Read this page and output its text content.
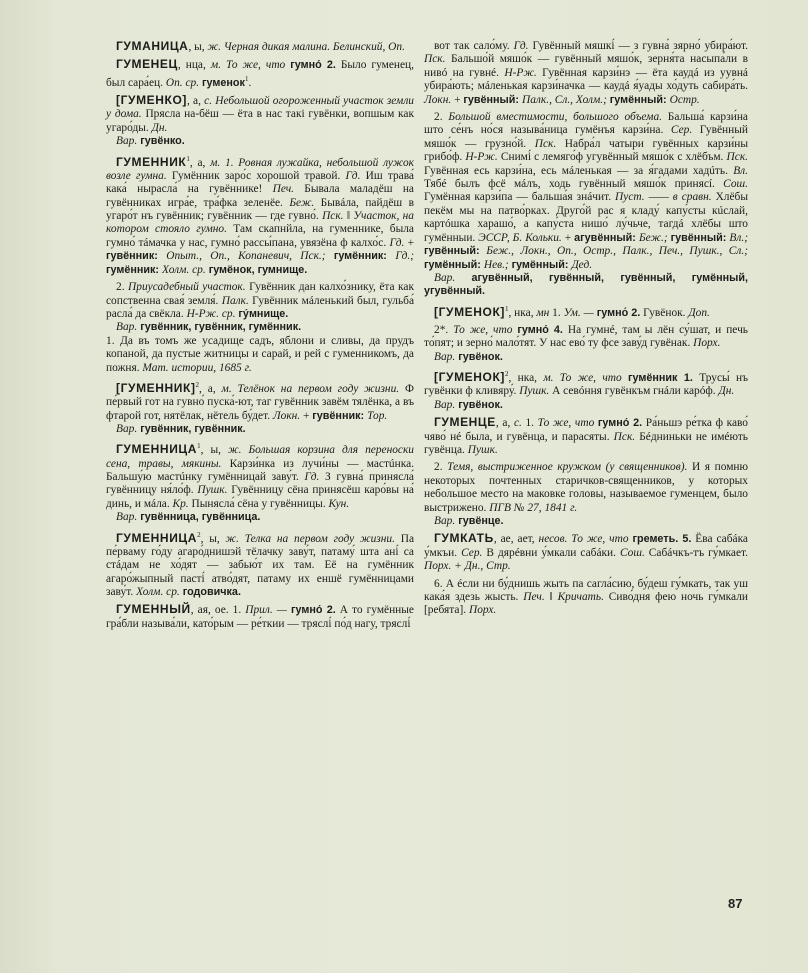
ГУМАНИЦА, ы, ж. Черная дикая малина. Белинский, Оп.

ГУМЕНЕЦ, нца, м. То же, что гумно́ 2. Было гуменец, был сара́ец. Оп. ср. гуменок$^1$.

[ГУМЕНКО], а, с. Небольшой огороженный участок земли у дома. Прясла на-бёш — ёта в нас такі гувёнки, вопшым как угаро́ды. Дн.

Вар. гувёнко.

ГУМЕННИК$^1$, а, м. 1. Ровная лужайка, небольшой лужок возле гумна. Гумённик заро́с хорошой травой. Гд. Иш трава́ кака́ нырасла́ на гувённике! Печ. Бывала маладёш на гувённиках игра́е, тра́фка зеленёе. Беж. Бывáла, пайдёш в угаро́т нъ гувённик; гувённик — где гувно́. Пск. ‖ Участок, на котором стояло гумно. Там скапнйла, на гуменнике, была гумно́ тáмачка у нас, гумно́ рассы́пана, увязёна ф калхо́с. Гд. + гувённик: Опыт., Оп., Копаневич, Пск.; гумённик: Гд.; гумённик: Холм. ср. гумёнок, гумнище.

2. Приусадебный участок. Гувённик дан калхо́знику, ёта как сопственна свая́ земля́. Палк. Гувённик мáленький был, гульба́ расла́ да свёкла. Н-Рж. ср. гу́мнище.

Вар. гувённик, гувённик, гумённик.

1. Да въ томъ же усадище садъ, яблони и сливы, да прудъ копаной, да пустые житницы и сарай, и рей с гуменникомъ, да пожня. Мат. истории, 1685 г.

[ГУМЕННИК]$^2$, а, м. Телёнок на первом году жизни. Ф пе́рвый гот на гувно́ пуска́-ют, таг гувённик завём тялёнка, а въ фтарой гот, нятёлак, нётель бу́дет. Локн. + гувённик: Тор.

Вар. гувённик, гувённик.

ГУМЕННИЦА$^1$, ы, ж. Большая корзина для переноски сена, травы, мякины. Карзи́нка из лучи́ны — мастúнка. Бальшу́ю мастúнку гумённицай заву́т. Гд. З гувна́ принясла́ гувённицу ня́ло́ф. Пушк. Гувённицу сёна принясёш каро́вы на́ динь, и мáла. Кр. Пынясла́ сёна у гувённицы. Кун.

Вар. гувённица, гувённица.

ГУМЕННИЦА$^2$, ы, ж. Телка на первом году жизни. Па пе́рваму го́ду агаро́днишэй тёлачку заву́т, патаму́ шта ані́ са стáдам не хо́дят — забью́т их там. Её на гумённик агаро́жыпный пасті́ атво́дят, патаму их еншё гумённицами заву́т. Холм. ср. годовичка.

ГУМЕННЫЙ, ая, ое. 1. Прил. — гумно́ 2. А то гумённые гра́бли называ́ли, като́рым — ре́ткии — тряслі́ по́д нагу, тряслі́

вот так сало́му. Гд. Гувённый мяшкі́ — з гувна́ зярно́ убира́ют. Пск. Бальшо́й мяшо́к — гувённый мяшо́к, зерня́та насыпа́ли в нивó на гувнé. Н-Рж. Гувённая карзи́нэ — ёта каудá из уувнá убира́ють; мáленькая карзи́начка — каудá я́уады хо́дуть сабира́ть. Локн. + гувённый: Палк., Сл., Холм.; гумённый: Остр.

2. Большой вместимости, большого объема. Бальша́ карзи́на што се́нъ но́ся называ́ница гумёнъя карзи́на. Сер. Гувённый мяшо́к — грузно́й. Пск. Набра́л чатыри гувённых карзи́ны грибо́ф. Н-Рж. Снимі́ с лемяго́ф угувённый мяшо́к с хлёбъм. Пск. Гувённая есь карзи́на, есь мáленькая — за я́гадами хадúть. Вл. Тябé былъ фсё мáлъ, ходь гувённый мяшо́к принясí. Сош. Гумённая карзи́па — бальша́я знáчит. Пуст. —— в сравн. Хлёбы пекём мы на патво́рках. Друго́й рас я кладу́ капу́сты кúслай, картóшка харашо́, а капу́ста нишо́ лу́чьче, тагдá хлёбы што гумённыи. ЭССР, Б. Кольки. + агувённый: Беж.; гувённый: Вл.; гувённый: Беж., Локн., Оп., Остр., Палк., Печ., Пушк., Сл.; гумённый: Нев.; гумённый: Дед.

Вар. агувённый, гувённый, гувённый, гумённый, угувённый.

[ГУМЕНОК]$^1$, нка, мн 1. Ум. — гумно́ 2. Гувёнок. Доп.

2*. То же, что гумно́ 4. На гумнé, там ы лён су́шат, и печь то́пят; и зерно́ мало́тят. У нас ево́ ту фсе заву́д гувёнак. Порх.

Вар. гувёнок.

[ГУМЕНОК]$^2$, нка, м. То же, что гумённик 1. Трусы́ нъ гувёнки ф кливяру́. Пушк. А севóння гувёнкъм гнáли карóф. Дн.

Вар. гувёнок.

ГУМЕНЦЕ, а, с. 1. То же, что гумно́ 2. Ра́ньшэ ре́тка ф каво́ чяво́ нé была, и гувёнца, и парасяты. Пск. Бéдниньки не имéють гувёнца. Пушк.

2. Темя, выстриженное кружком (у священников). И я помню некоторых почтенных старичков-священников, у которых небольшое место на маковке головы, называемое гуменцем, было выстрижено. ПГВ № 27, 1841 г.

Вар. гувёнце.

ГУМКАТЬ, ае, ает, несов. То же, что греметь. 5. Ёва сабáка у́мкъи. Сер. В дярéвни у́мкали сабáки. Сош. Сабáчкъ-тъ гу́мкает. Порх. + Дн., Стр.

6. А éсли ни бу́днишь жыть па сагла́сию, бу́деш гу́мкать, так уш кака́я здезь жысть. Печ. ‖ Кричать. Сиво́дня фею ночь гу́мкали [ребята]. Порх.

87
